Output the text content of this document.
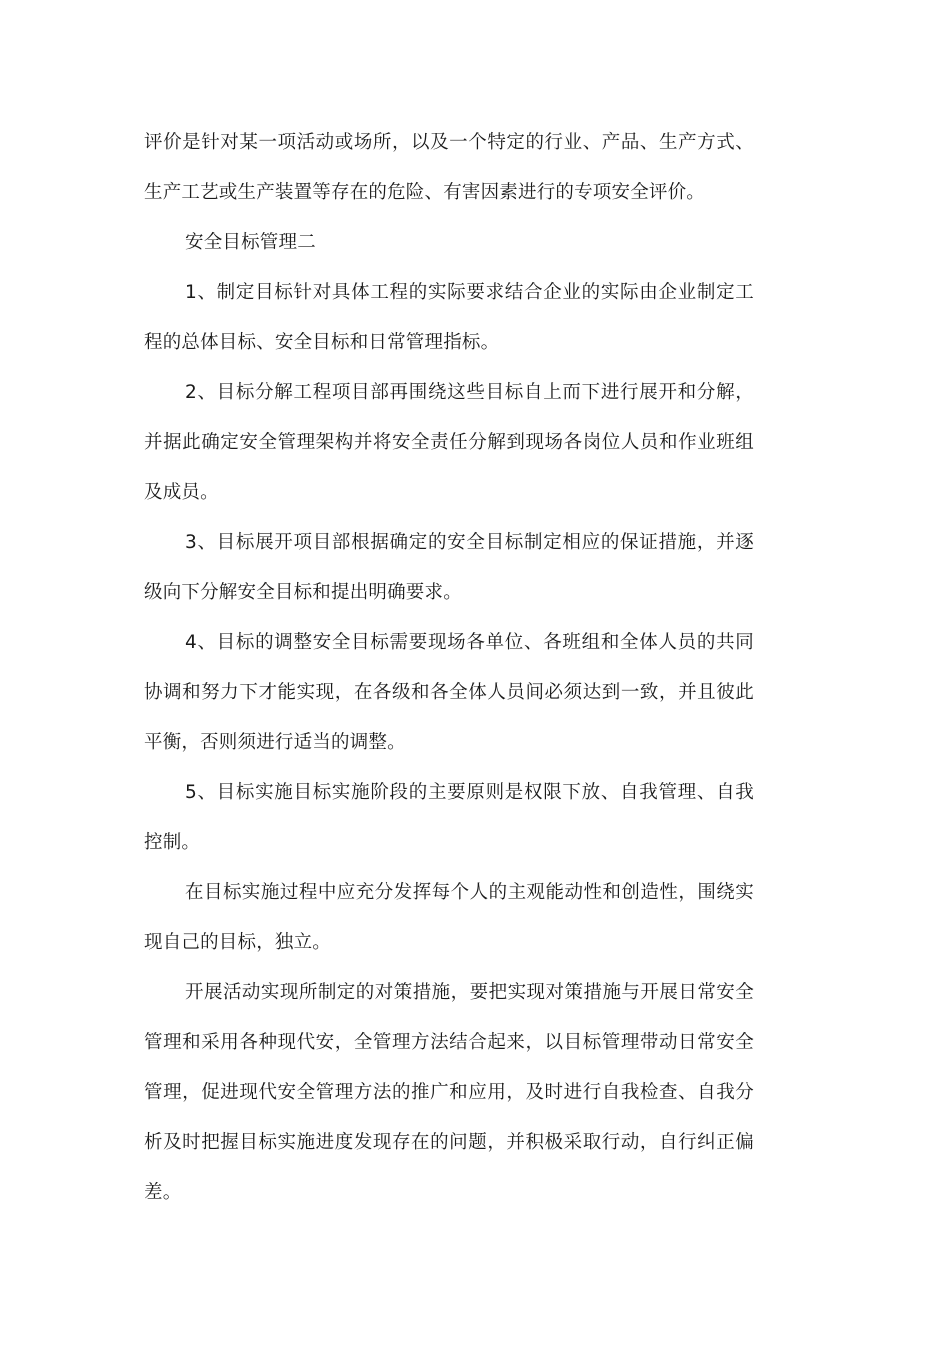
评价是针对某一项活动或场所，以及一个特定的行业、产品、生产方式、生产工艺或生产装置等存在的危险、有害因素进行的专项安全评价。

安全目标管理二

1、制定目标针对具体工程的实际要求结合企业的实际由企业制定工程的总体目标、安全目标和日常管理指标。

2、目标分解工程项目部再围绕这些目标自上而下进行展开和分解，并据此确定安全管理架构并将安全责任分解到现场各岗位人员和作业班组及成员。

3、目标展开项目部根据确定的安全目标制定相应的保证措施，并逐级向下分解安全目标和提出明确要求。

4、目标的调整安全目标需要现场各单位、各班组和全体人员的共同协调和努力下才能实现，在各级和各全体人员间必须达到一致，并且彼此平衡，否则须进行适当的调整。

5、目标实施目标实施阶段的主要原则是权限下放、自我管理、自我控制。

在目标实施过程中应充分发挥每个人的主观能动性和创造性，围绕实现自己的目标，独立。

开展活动实现所制定的对策措施，要把实现对策措施与开展日常安全管理和采用各种现代安，全管理方法结合起来，以目标管理带动日常安全管理，促进现代安全管理方法的推广和应用，及时进行自我检查、自我分析及时把握目标实施进度发现存在的问题，并积极采取行动，自行纠正偏差。
